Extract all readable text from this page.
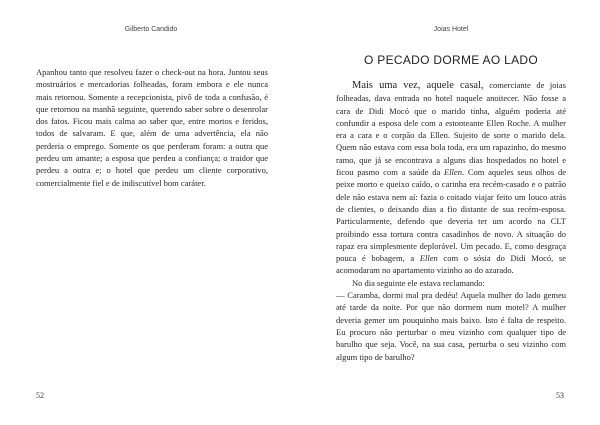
Gilberto Candido

Apanhou tanto que resolveu fazer o check-out na hora. Juntou seus mostruários e mercadorias folheadas, foram embora e ele nunca mais retornou. Somente a recepcionista, pivô de toda a confusão, é que retornou na manhã seguinte, querendo saber sobre o desenrolar dos fatos. Ficou mais calma ao saber que, entre mortos e feridos, todos de salvaram. E que, além de uma advertência, ela não perderia o emprego. Somente os que perderam foram: a outra que perdeu um amante; a esposa que perdeu a confiança; o traidor que perdeu a outra e; o hotel que perdeu um cliente corporativo, comercialmente fiel e de indiscutível bom caráter.

52
Joias Hotel
O PECADO DORME AO LADO

Mais uma vez, aquele casal, comerciante de joias folheadas, dava entrada no hotel naquele anoitecer. Não fosse a cara de Didi Mocó que o marido tinha, alguém poderia até confundir a esposa dele com a estonteante Ellen Roche. A mulher era a cara e o corpão da Ellen. Sujeito de sorte o marido dela. Quem não estava com essa bola toda, era um rapazinho, do mesmo ramo, que já se encontrava a alguns dias hospedados no hotel e ficou pasmo com a saúde da Ellen. Com aqueles seus olhos de peixe morto e queixo caído, o carinha era recém-casado e o patrão dele não estava nem aí: fazia o coitado viajar feito um louco atrás de clientes, o deixando dias a fio distante de sua recém-esposa. Particularmente, defendo que deveria ter um acordo na CLT proibindo essa tortura contra casadinhos de novo. A situação do rapaz era simplesmente deplorável. Um pecado. E, como desgraça pouca é bobagem, a Ellen com o sósia do Didi Mocó, se acomodaram no apartamento vizinho ao do azarado.

No dia seguinte ele estava reclamando:

— Caramba, dormi mal pra dedéu! Aquela mulher do lado gemeu até tarde da noite. Por que não dormem num motel? A mulher deveria gemer um pouquinho mais baixo. Isto é falta de respeito. Eu procuro não perturbar o meu vizinho com qualquer tipo de barulho que seja. Você, na sua casa, perturba o seu vizinho com algum tipo de barulho?

53
